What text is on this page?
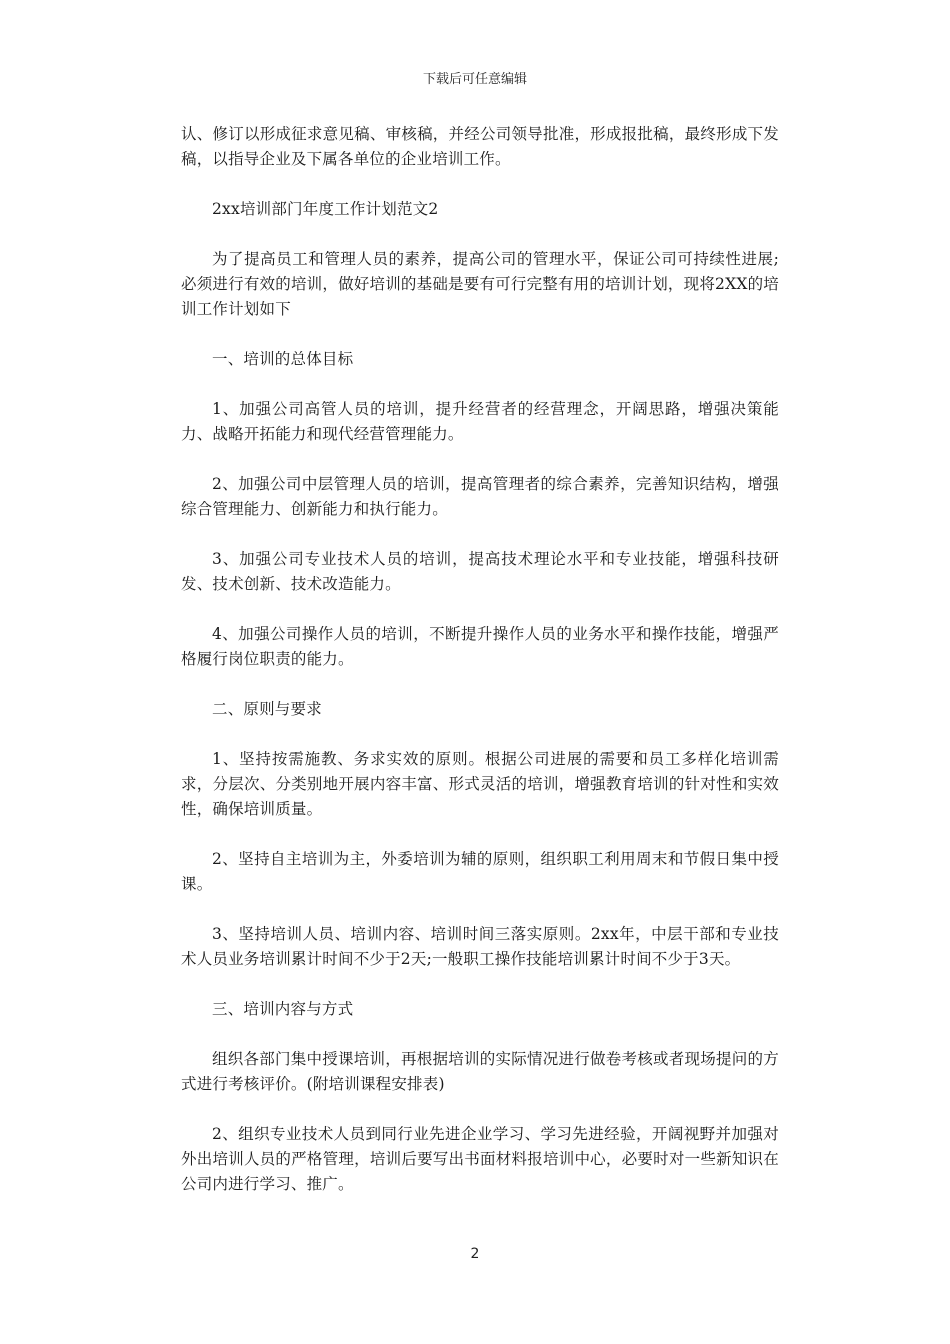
下载后可任意编辑

认、修订以形成征求意见稿、审核稿，并经公司领导批准，形成报批稿，最终形成下发稿，以指导企业及下属各单位的企业培训工作。

2xx培训部门年度工作计划范文2

为了提高员工和管理人员的素养，提高公司的管理水平，保证公司可持续性进展;必须进行有效的培训，做好培训的基础是要有可行完整有用的培训计划，现将2XX的培训工作计划如下

一、培训的总体目标

1、加强公司高管人员的培训，提升经营者的经营理念，开阔思路，增强决策能力、战略开拓能力和现代经营管理能力。

2、加强公司中层管理人员的培训，提高管理者的综合素养，完善知识结构，增强综合管理能力、创新能力和执行能力。

3、加强公司专业技术人员的培训，提高技术理论水平和专业技能，增强科技研发、技术创新、技术改造能力。

4、加强公司操作人员的培训，不断提升操作人员的业务水平和操作技能，增强严格履行岗位职责的能力。

二、原则与要求

1、坚持按需施教、务求实效的原则。根据公司进展的需要和员工多样化培训需求，分层次、分类别地开展内容丰富、形式灵活的培训，增强教育培训的针对性和实效性，确保培训质量。

2、坚持自主培训为主，外委培训为辅的原则，组织职工利用周末和节假日集中授课。

3、坚持培训人员、培训内容、培训时间三落实原则。2xx年，中层干部和专业技术人员业务培训累计时间不少于2天;一般职工操作技能培训累计时间不少于3天。

三、培训内容与方式

组织各部门集中授课培训，再根据培训的实际情况进行做卷考核或者现场提问的方式进行考核评价。(附培训课程安排表)

2、组织专业技术人员到同行业先进企业学习、学习先进经验，开阔视野并加强对外出培训人员的严格管理，培训后要写出书面材料报培训中心，必要时对一些新知识在公司内进行学习、推广。

2
